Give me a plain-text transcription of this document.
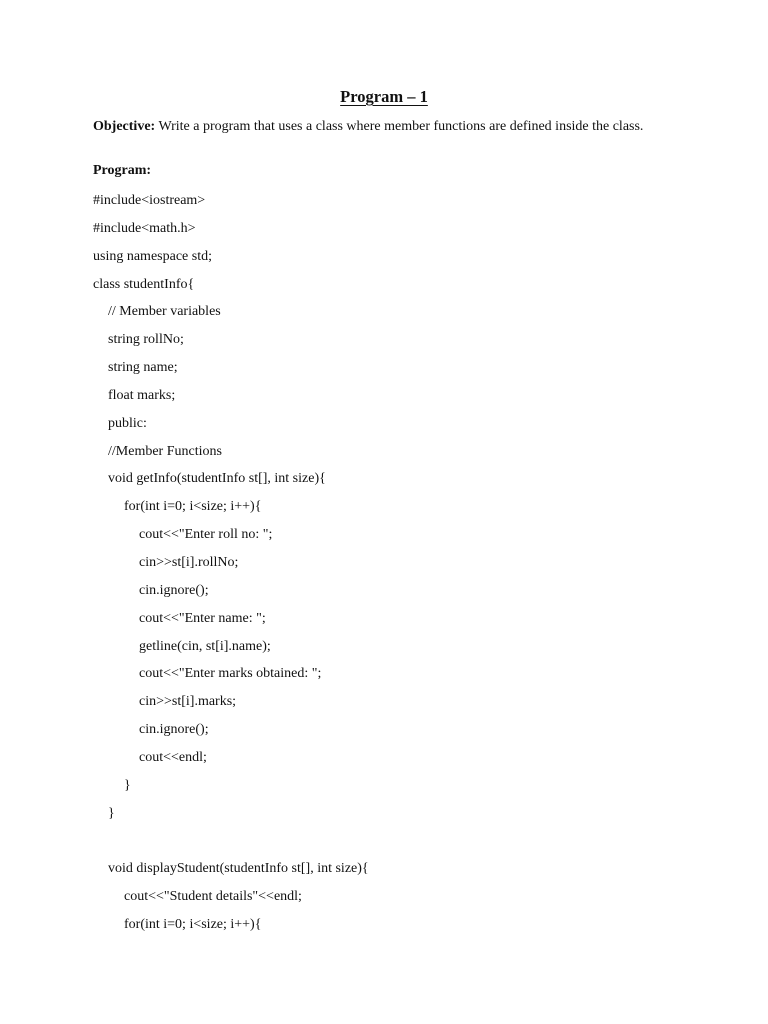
Program – 1
Objective: Write a program that uses a class where member functions are defined inside the class.
Program:
#include<iostream>
#include<math.h>
using namespace std;
class studentInfo{
// Member variables
string rollNo;
string name;
float marks;
public:
//Member Functions
void getInfo(studentInfo st[], int size){
for(int i=0; i<size; i++){
cout<<"Enter roll no: ";
cin>>st[i].rollNo;
cin.ignore();
cout<<"Enter name: ";
getline(cin, st[i].name);
cout<<"Enter marks obtained: ";
cin>>st[i].marks;
cin.ignore();
cout<<endl;
}
}
void displayStudent(studentInfo st[], int size){
cout<<"Student details"<<endl;
for(int i=0; i<size; i++){
